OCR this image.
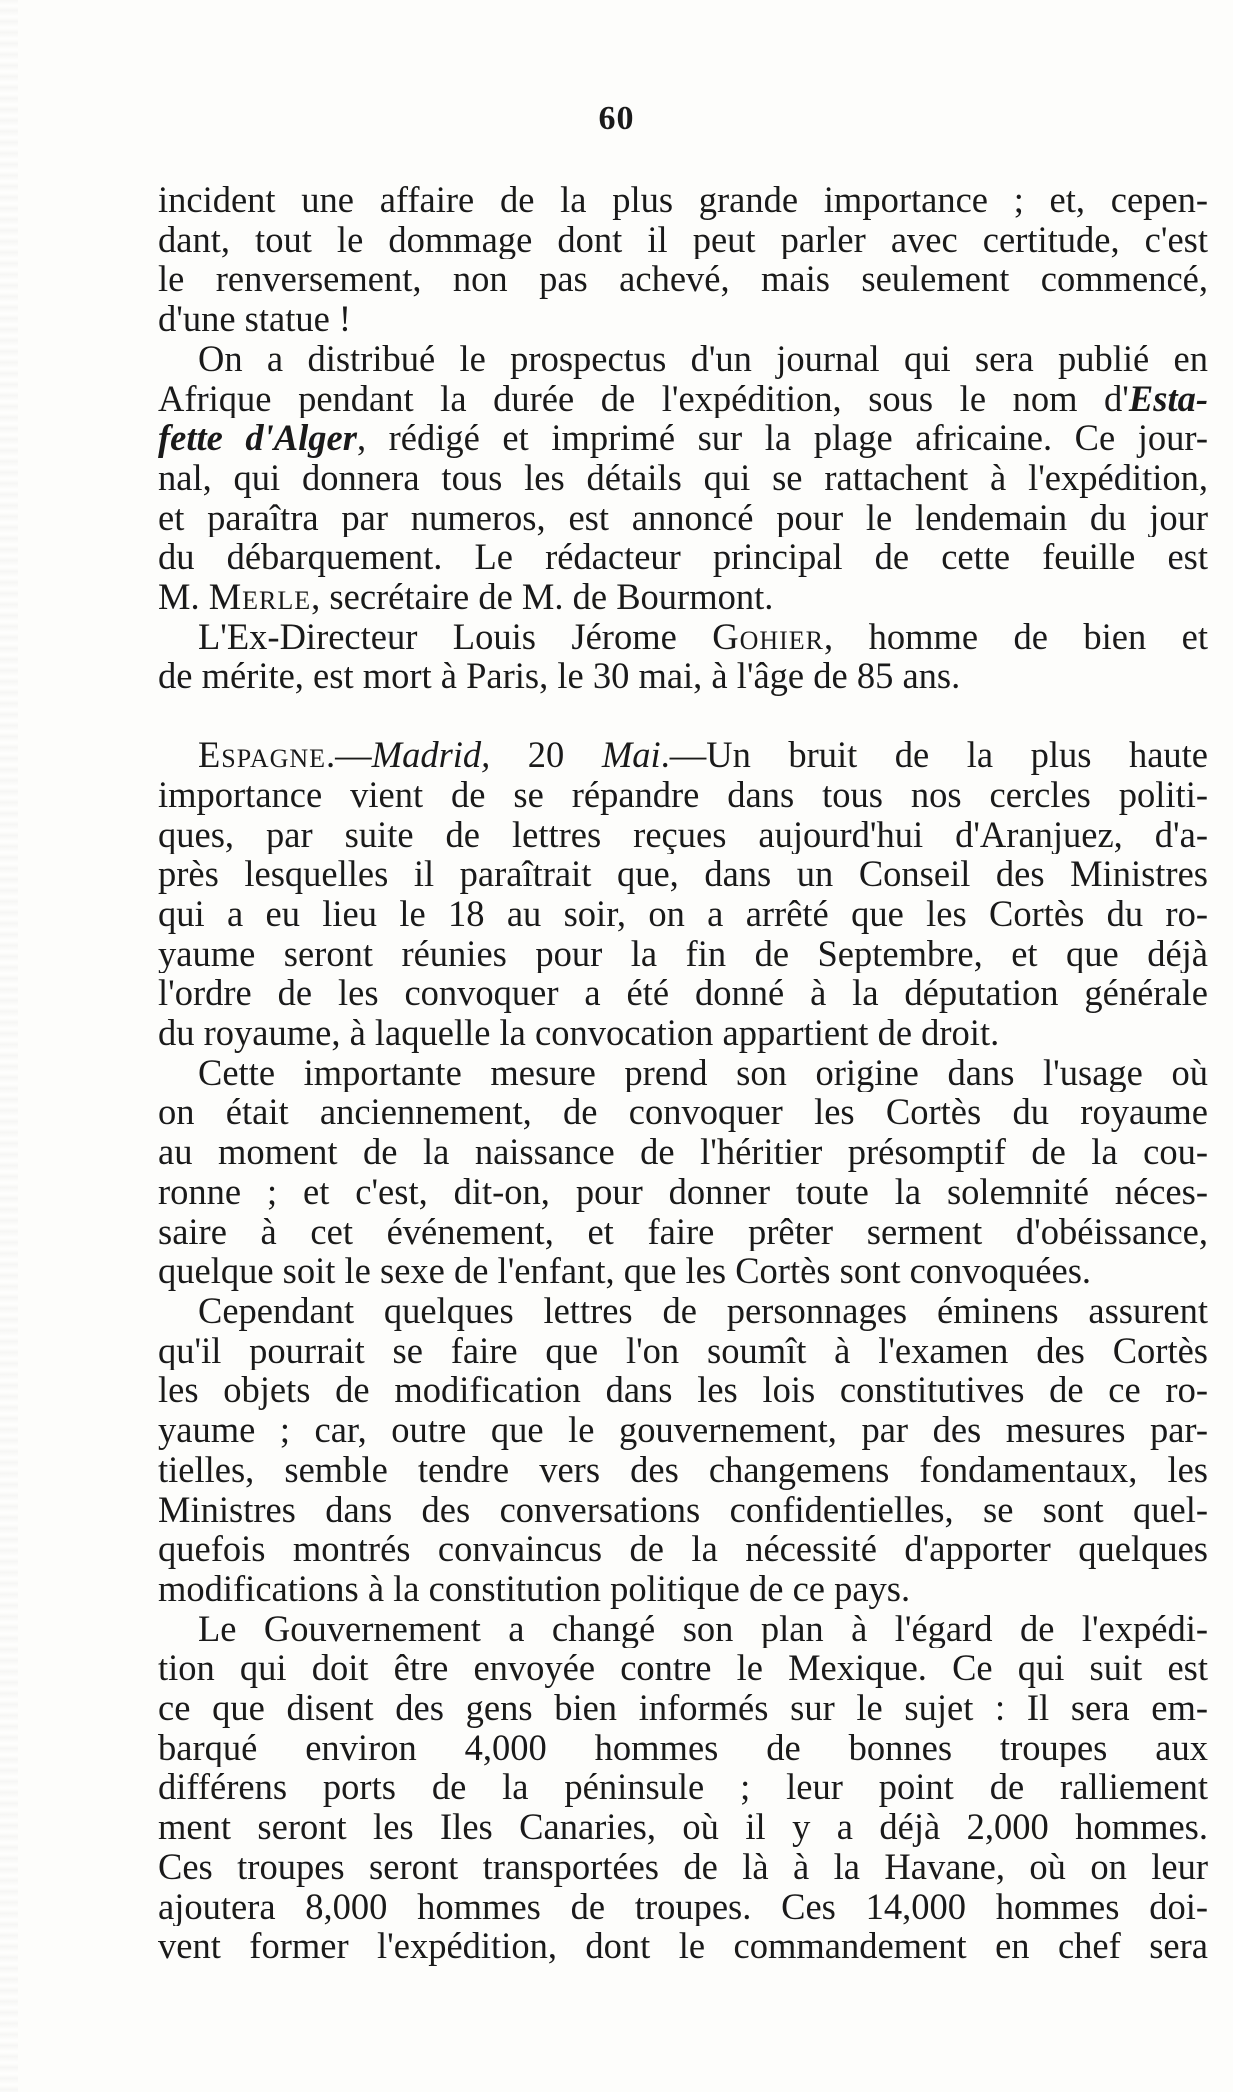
60
incident une affaire de la plus grande importance ; et, cepen-
dant, tout le dommage dont il peut parler avec certitude, c'est
le renversement, non pas achevé, mais seulement commencé,
d'une statue !
On a distribué le prospectus d'un journal qui sera publié en
Afrique pendant la durée de l'expédition, sous le nom d'Esta-
fette d'Alger, rédigé et imprimé sur la plage africaine. Ce jour-
nal, qui donnera tous les détails qui se rattachent à l'expédition,
et paraîtra par numeros, est annoncé pour le lendemain du jour
du débarquement. Le rédacteur principal de cette feuille est
M. Merle, secrétaire de M. de Bourmont.
L'Ex-Directeur Louis Jérome Gohier, homme de bien et
de mérite, est mort à Paris, le 30 mai, à l'âge de 85 ans.
Espagne.—Madrid, 20 Mai.—Un bruit de la plus haute
importance vient de se répandre dans tous nos cercles politi-
ques, par suite de lettres reçues aujourd'hui d'Aranjuez, d'a-
près lesquelles il paraîtrait que, dans un Conseil des Ministres
qui a eu lieu le 18 au soir, on a arrêté que les Cortès du ro-
yaume seront réunies pour la fin de Septembre, et que déjà
l'ordre de les convoquer a été donné à la députation générale
du royaume, à laquelle la convocation appartient de droit.
Cette importante mesure prend son origine dans l'usage où
on était anciennement, de convoquer les Cortès du royaume
au moment de la naissance de l'héritier présomptif de la cou-
ronne ; et c'est, dit-on, pour donner toute la solemnité néces-
saire à cet événement, et faire prêter serment d'obéissance,
quelque soit le sexe de l'enfant, que les Cortès sont convoquées.
Cependant quelques lettres de personnages éminens assurent
qu'il pourrait se faire que l'on soumît à l'examen des Cortès
les objets de modification dans les lois constitutives de ce ro-
yaume ; car, outre que le gouvernement, par des mesures par-
tielles, semble tendre vers des changemens fondamentaux, les
Ministres dans des conversations confidentielles, se sont quel-
quefois montrés convaincus de la nécessité d'apporter quelques
modifications à la constitution politique de ce pays.
Le Gouvernement a changé son plan à l'égard de l'expédi-
tion qui doit être envoyée contre le Mexique. Ce qui suit est
ce que disent des gens bien informés sur le sujet : Il sera em-
barqué environ 4,000 hommes de bonnes troupes aux
différens ports de la péninsule ; leur point de ralliement
ment seront les Iles Canaries, où il y a déjà 2,000 hommes.
Ces troupes seront transportées de là à la Havane, où on leur
ajoutera 8,000 hommes de troupes. Ces 14,000 hommes doi-
vent former l'expédition, dont le commandement en chef sera
